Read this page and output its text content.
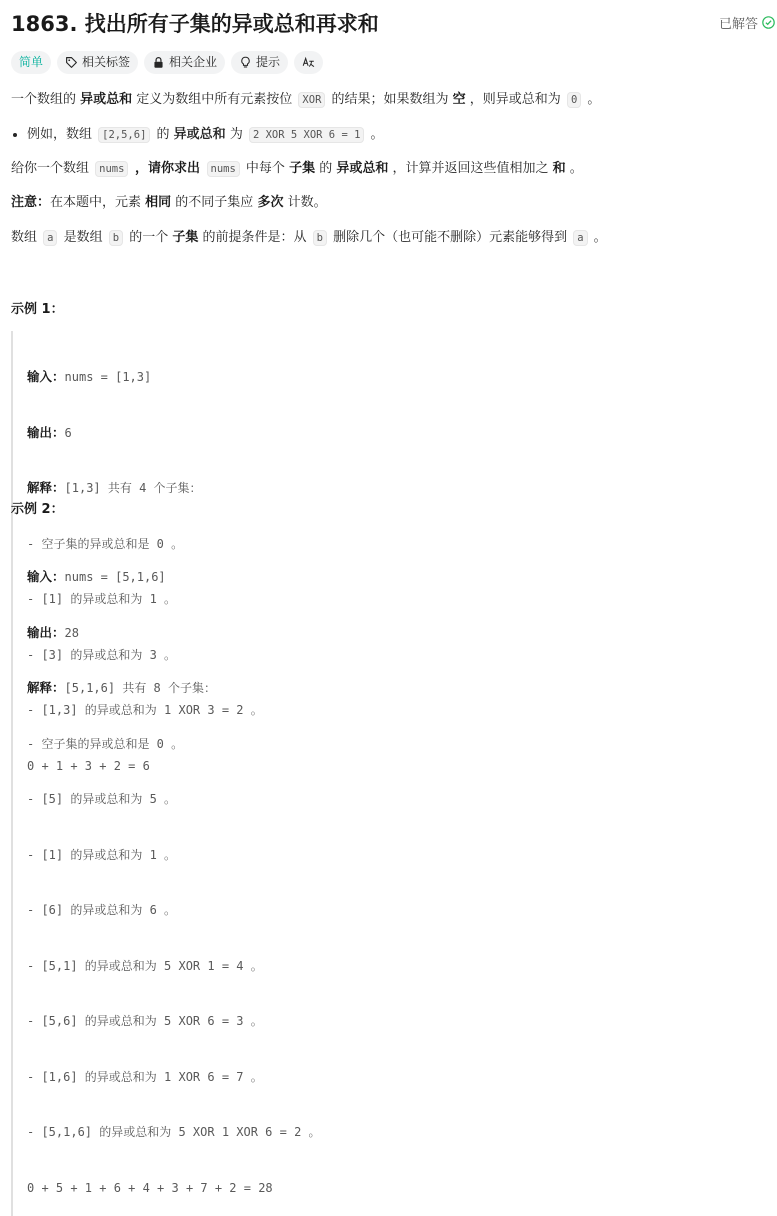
1863. 找出所有子集的异或总和再求和	已解答
简单	相关标签	相关企业	提示
一个数组的 异或总和 定义为数组中所有元素按位 XOR 的结果；如果数组为 空 ，则异或总和为 0 。
• 例如，数组 [2,5,6] 的 异或总和 为 2 XOR 5 XOR 6 = 1 。
给你一个数组 nums ，请你求出 nums 中每个 子集 的 异或总和 ，计算并返回这些值相加之 和 。
注意：在本题中，元素 相同 的不同子集应 多次 计数。
数组 a 是数组 b 的一个 子集 的前提条件是：从 b 删除几个（也可能不删除）元素能够得到 a 。
示例 1：

输入：nums = [1,3]

输出：6

解释：[1,3] 共有 4 个子集：

- 空子集的异或总和是 0 。

- [1] 的异或总和为 1 。

- [3] 的异或总和为 3 。

- [1,3] 的异或总和为 1 XOR 3 = 2 。

0 + 1 + 3 + 2 = 6

示例 2：

输入：nums = [5,1,6]

输出：28

解释：[5,1,6] 共有 8 个子集：

- 空子集的异或总和是 0 。

- [5] 的异或总和为 5 。

- [1] 的异或总和为 1 。

- [6] 的异或总和为 6 。

- [5,1] 的异或总和为 5 XOR 1 = 4 。

- [5,6] 的异或总和为 5 XOR 6 = 3 。

- [1,6] 的异或总和为 1 XOR 6 = 7 。

- [5,1,6] 的异或总和为 5 XOR 1 XOR 6 = 2 。

0 + 5 + 1 + 6 + 4 + 3 + 7 + 2 = 28
